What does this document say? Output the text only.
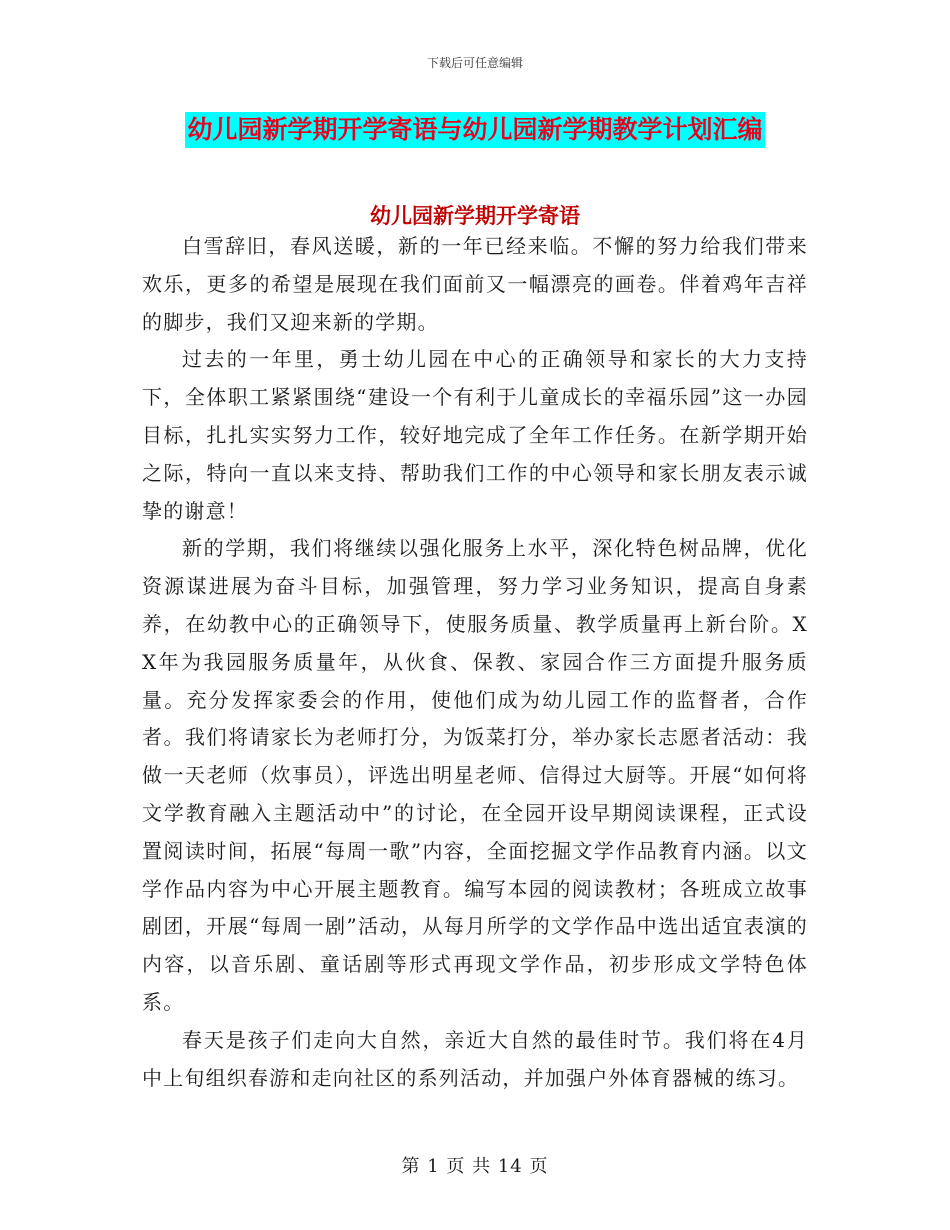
下载后可任意编辑
幼儿园新学期开学寄语与幼儿园新学期教学计划汇编
幼儿园新学期开学寄语

白雪辞旧，春风送暖，新的一年已经来临。不懈的努力给我们带来欢乐，更多的希望是展现在我们面前又一幅漂亮的画卷。伴着鸡年吉祥的脚步，我们又迎来新的学期。

过去的一年里，勇士幼儿园在中心的正确领导和家长的大力支持下，全体职工紧紧围绕“建设一个有利于儿童成长的幸福乐园”这一办园目标，扎扎实实努力工作，较好地完成了全年工作任务。在新学期开始之际，特向一直以来支持、帮助我们工作的中心领导和家长朋友表示诚挚的谢意！

新的学期，我们将继续以强化服务上水平，深化特色树品牌，优化资源谋进展为奋斗目标，加强管理，努力学习业务知识，提高自身素养，在幼教中心的正确领导下，使服务质量、教学质量再上新台阶。XX年为我园服务质量年，从伙食、保教、家园合作三方面提升服务质量。充分发挥家委会的作用，使他们成为幼儿园工作的监督者，合作者。我们将请家长为老师打分，为饭菜打分，举办家长志愿者活动：我做一天老师（炊事员），评选出明星老师、信得过大厨等。开展“如何将文学教育融入主题活动中”的讨论，在全园开设早期阅读课程，正式设置阅读时间，拓展“每周一歌”内容，全面挖掘文学作品教育内涵。以文学作品内容为中心开展主题教育。编写本园的阅读教材；各班成立故事剧团，开展“每周一剧”活动，从每月所学的文学作品中选出适宜表演的内容，以音乐剧、童话剧等形式再现文学作品，初步形成文学特色体系。

春天是孩子们走向大自然，亲近大自然的最佳时节。我们将在4月中上旬组织春游和走向社区的系列活动，并加强户外体育器械的练习。

第 1 页 共 14 页
